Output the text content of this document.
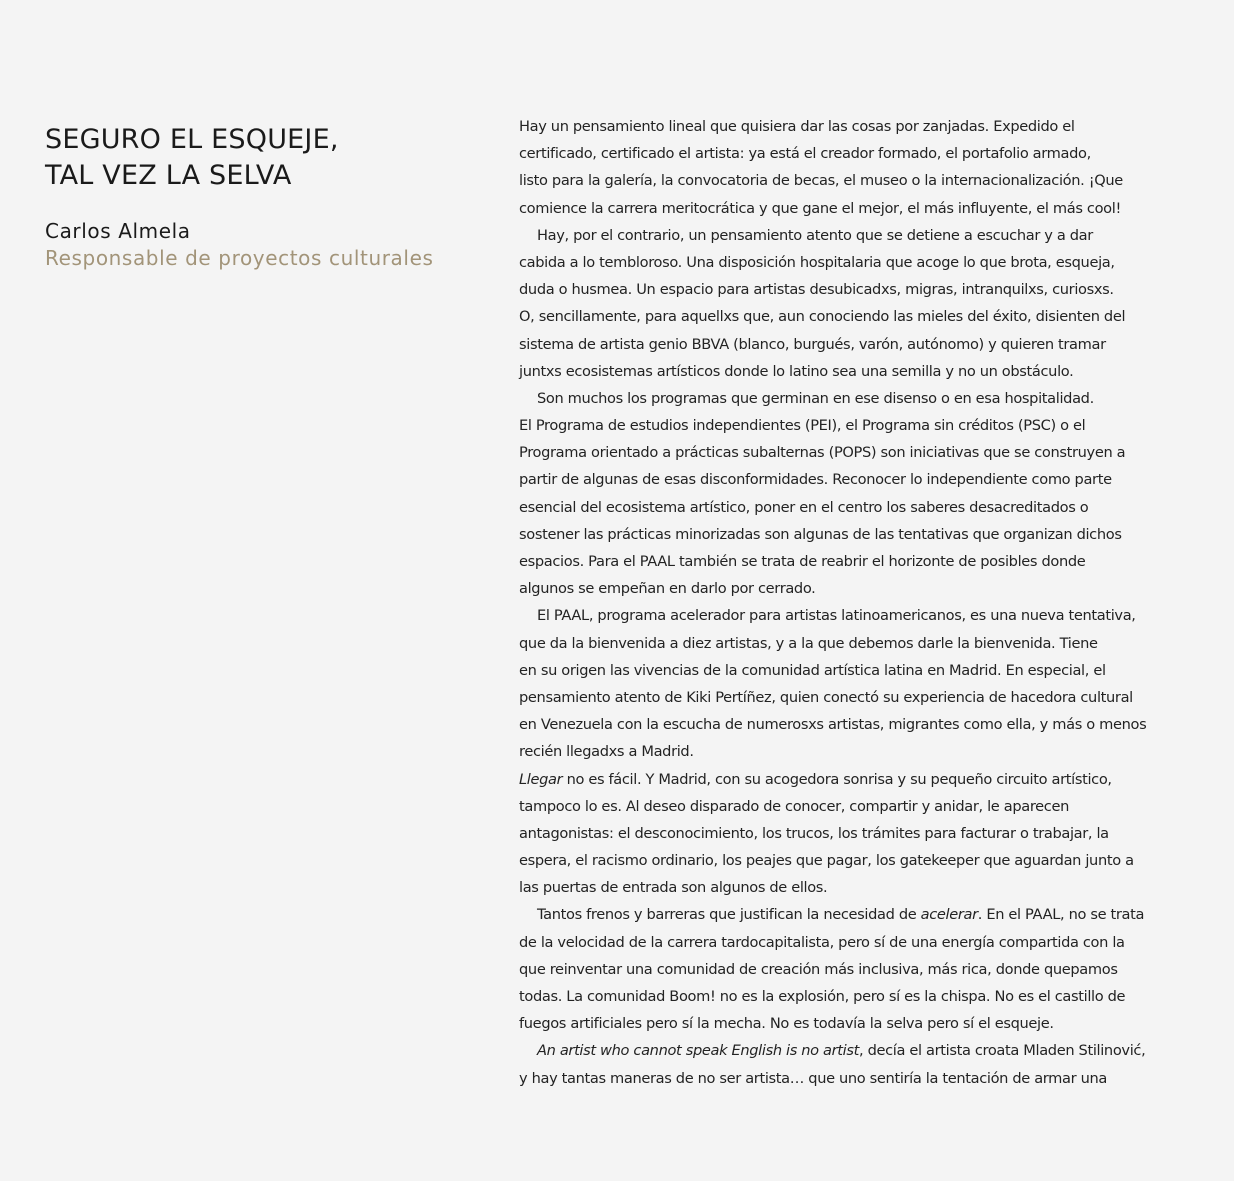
SEGURO EL ESQUEJE,
TAL VEZ LA SELVA
Carlos Almela
Responsable de proyectos culturales
Hay un pensamiento lineal que quisiera dar las cosas por zanjadas. Expedido el
certificado, certificado el artista: ya está el creador formado, el portafolio armado,
listo para la galería, la convocatoria de becas, el museo o la internacionalización. ¡Que
comience la carrera meritocrática y que gane el mejor, el más influyente, el más cool!
Hay, por el contrario, un pensamiento atento que se detiene a escuchar y a dar
cabida a lo tembloroso. Una disposición hospitalaria que acoge lo que brota, esqueja,
duda o husmea. Un espacio para artistas desubicadxs, migras, intranquilxs, curiosxs.
O, sencillamente, para aquellxs que, aun conociendo las mieles del éxito, disienten del
sistema de artista genio BBVA (blanco, burgués, varón, autónomo) y quieren tramar
juntxs ecosistemas artísticos donde lo latino sea una semilla y no un obstáculo.
Son muchos los programas que germinan en ese disenso o en esa hospitalidad.
El Programa de estudios independientes (PEI), el Programa sin créditos (PSC) o el
Programa orientado a prácticas subalternas (POPS) son iniciativas que se construyen a
partir de algunas de esas disconformidades. Reconocer lo independiente como parte
esencial del ecosistema artístico, poner en el centro los saberes desacreditados o
sostener las prácticas minorizadas son algunas de las tentativas que organizan dichos
espacios. Para el PAAL también se trata de reabrir el horizonte de posibles donde
algunos se empeñan en darlo por cerrado.
El PAAL, programa acelerador para artistas latinoamericanos, es una nueva tentativa,
que da la bienvenida a diez artistas, y a la que debemos darle la bienvenida. Tiene
en su origen las vivencias de la comunidad artística latina en Madrid. En especial, el
pensamiento atento de Kiki Pertíñez, quien conectó su experiencia de hacedora cultural
en Venezuela con la escucha de numerosxs artistas, migrantes como ella, y más o menos
recién llegadxs a Madrid.
Llegar no es fácil. Y Madrid, con su acogedora sonrisa y su pequeño circuito artístico,
tampoco lo es. Al deseo disparado de conocer, compartir y anidar, le aparecen
antagonistas: el desconocimiento, los trucos, los trámites para facturar o trabajar, la
espera, el racismo ordinario, los peajes que pagar, los gatekeeper que aguardan junto a
las puertas de entrada son algunos de ellos.
Tantos frenos y barreras que justifican la necesidad de acelerar. En el PAAL, no se trata
de la velocidad de la carrera tardocapitalista, pero sí de una energía compartida con la
que reinventar una comunidad de creación más inclusiva, más rica, donde quepamos
todas. La comunidad Boom! no es la explosión, pero sí es la chispa. No es el castillo de
fuegos artificiales pero sí la mecha. No es todavía la selva pero sí el esqueje.
An artist who cannot speak English is no artist, decía el artista croata Mladen Stilinović,
y hay tantas maneras de no ser artista… que uno sentiría la tentación de armar una
